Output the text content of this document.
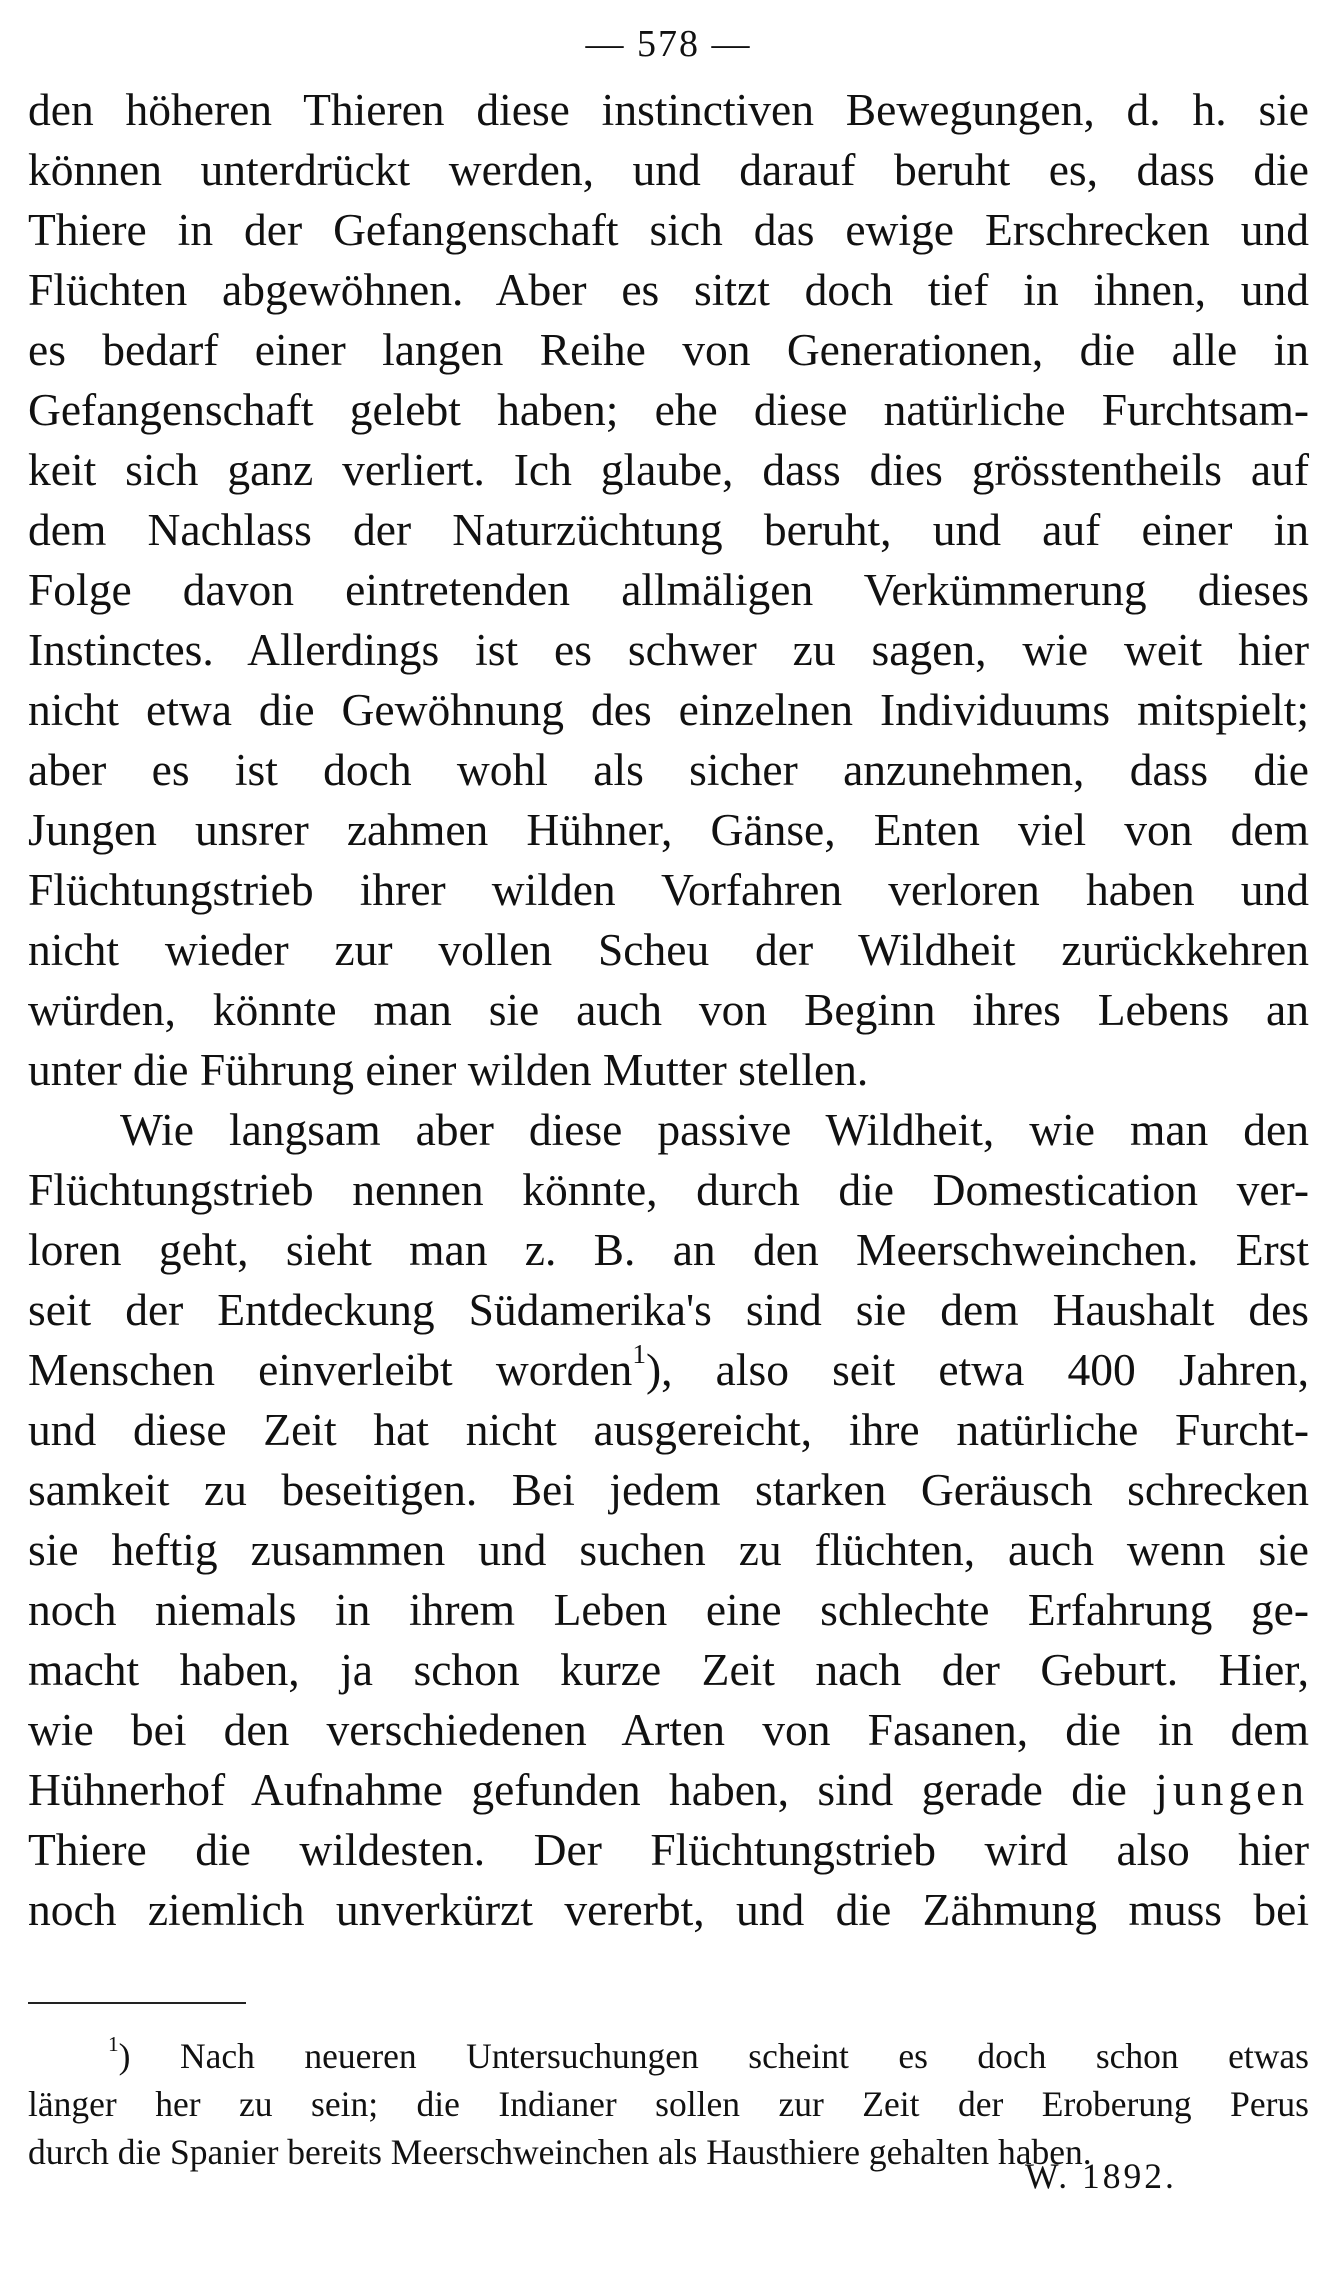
— 578 —
den höheren Thieren diese instinctiven Bewegungen, d. h. sie
können unterdrückt werden, und darauf beruht es, dass die
Thiere in der Gefangenschaft sich das ewige Erschrecken und
Flüchten abgewöhnen. Aber es sitzt doch tief in ihnen, und
es bedarf einer langen Reihe von Generationen, die alle in
Gefangenschaft gelebt haben; ehe diese natürliche Furchtsam-
keit sich ganz verliert. Ich glaube, dass dies grösstentheils auf
dem Nachlass der Naturzüchtung beruht, und auf einer in
Folge davon eintretenden allmäligen Verkümmerung dieses
Instinctes. Allerdings ist es schwer zu sagen, wie weit hier
nicht etwa die Gewöhnung des einzelnen Individuums mitspielt;
aber es ist doch wohl als sicher anzunehmen, dass die
Jungen unsrer zahmen Hühner, Gänse, Enten viel von dem
Flüchtungstrieb ihrer wilden Vorfahren verloren haben und
nicht wieder zur vollen Scheu der Wildheit zurückkehren
würden, könnte man sie auch von Beginn ihres Lebens an
unter die Führung einer wilden Mutter stellen.
Wie langsam aber diese passive Wildheit, wie man den
Flüchtungstrieb nennen könnte, durch die Domestication ver-
loren geht, sieht man z. B. an den Meerschweinchen. Erst
seit der Entdeckung Südamerika's sind sie dem Haushalt des
Menschen einverleibt worden$^1$), also seit etwa 400 Jahren,
und diese Zeit hat nicht ausgereicht, ihre natürliche Furcht-
samkeit zu beseitigen. Bei jedem starken Geräusch schrecken
sie heftig zusammen und suchen zu flüchten, auch wenn sie
noch niemals in ihrem Leben eine schlechte Erfahrung ge-
macht haben, ja schon kurze Zeit nach der Geburt. Hier,
wie bei den verschiedenen Arten von Fasanen, die in dem
Hühnerhof Aufnahme gefunden haben, sind gerade die jungen
Thiere die wildesten. Der Flüchtungstrieb wird also hier
noch ziemlich unverkürzt vererbt, und die Zähmung muss bei
$^1$) Nach neueren Untersuchungen scheint es doch schon etwas
länger her zu sein; die Indianer sollen zur Zeit der Eroberung Perus
durch die Spanier bereits Meerschweinchen als Hausthiere gehalten haben.
W. 1892.
